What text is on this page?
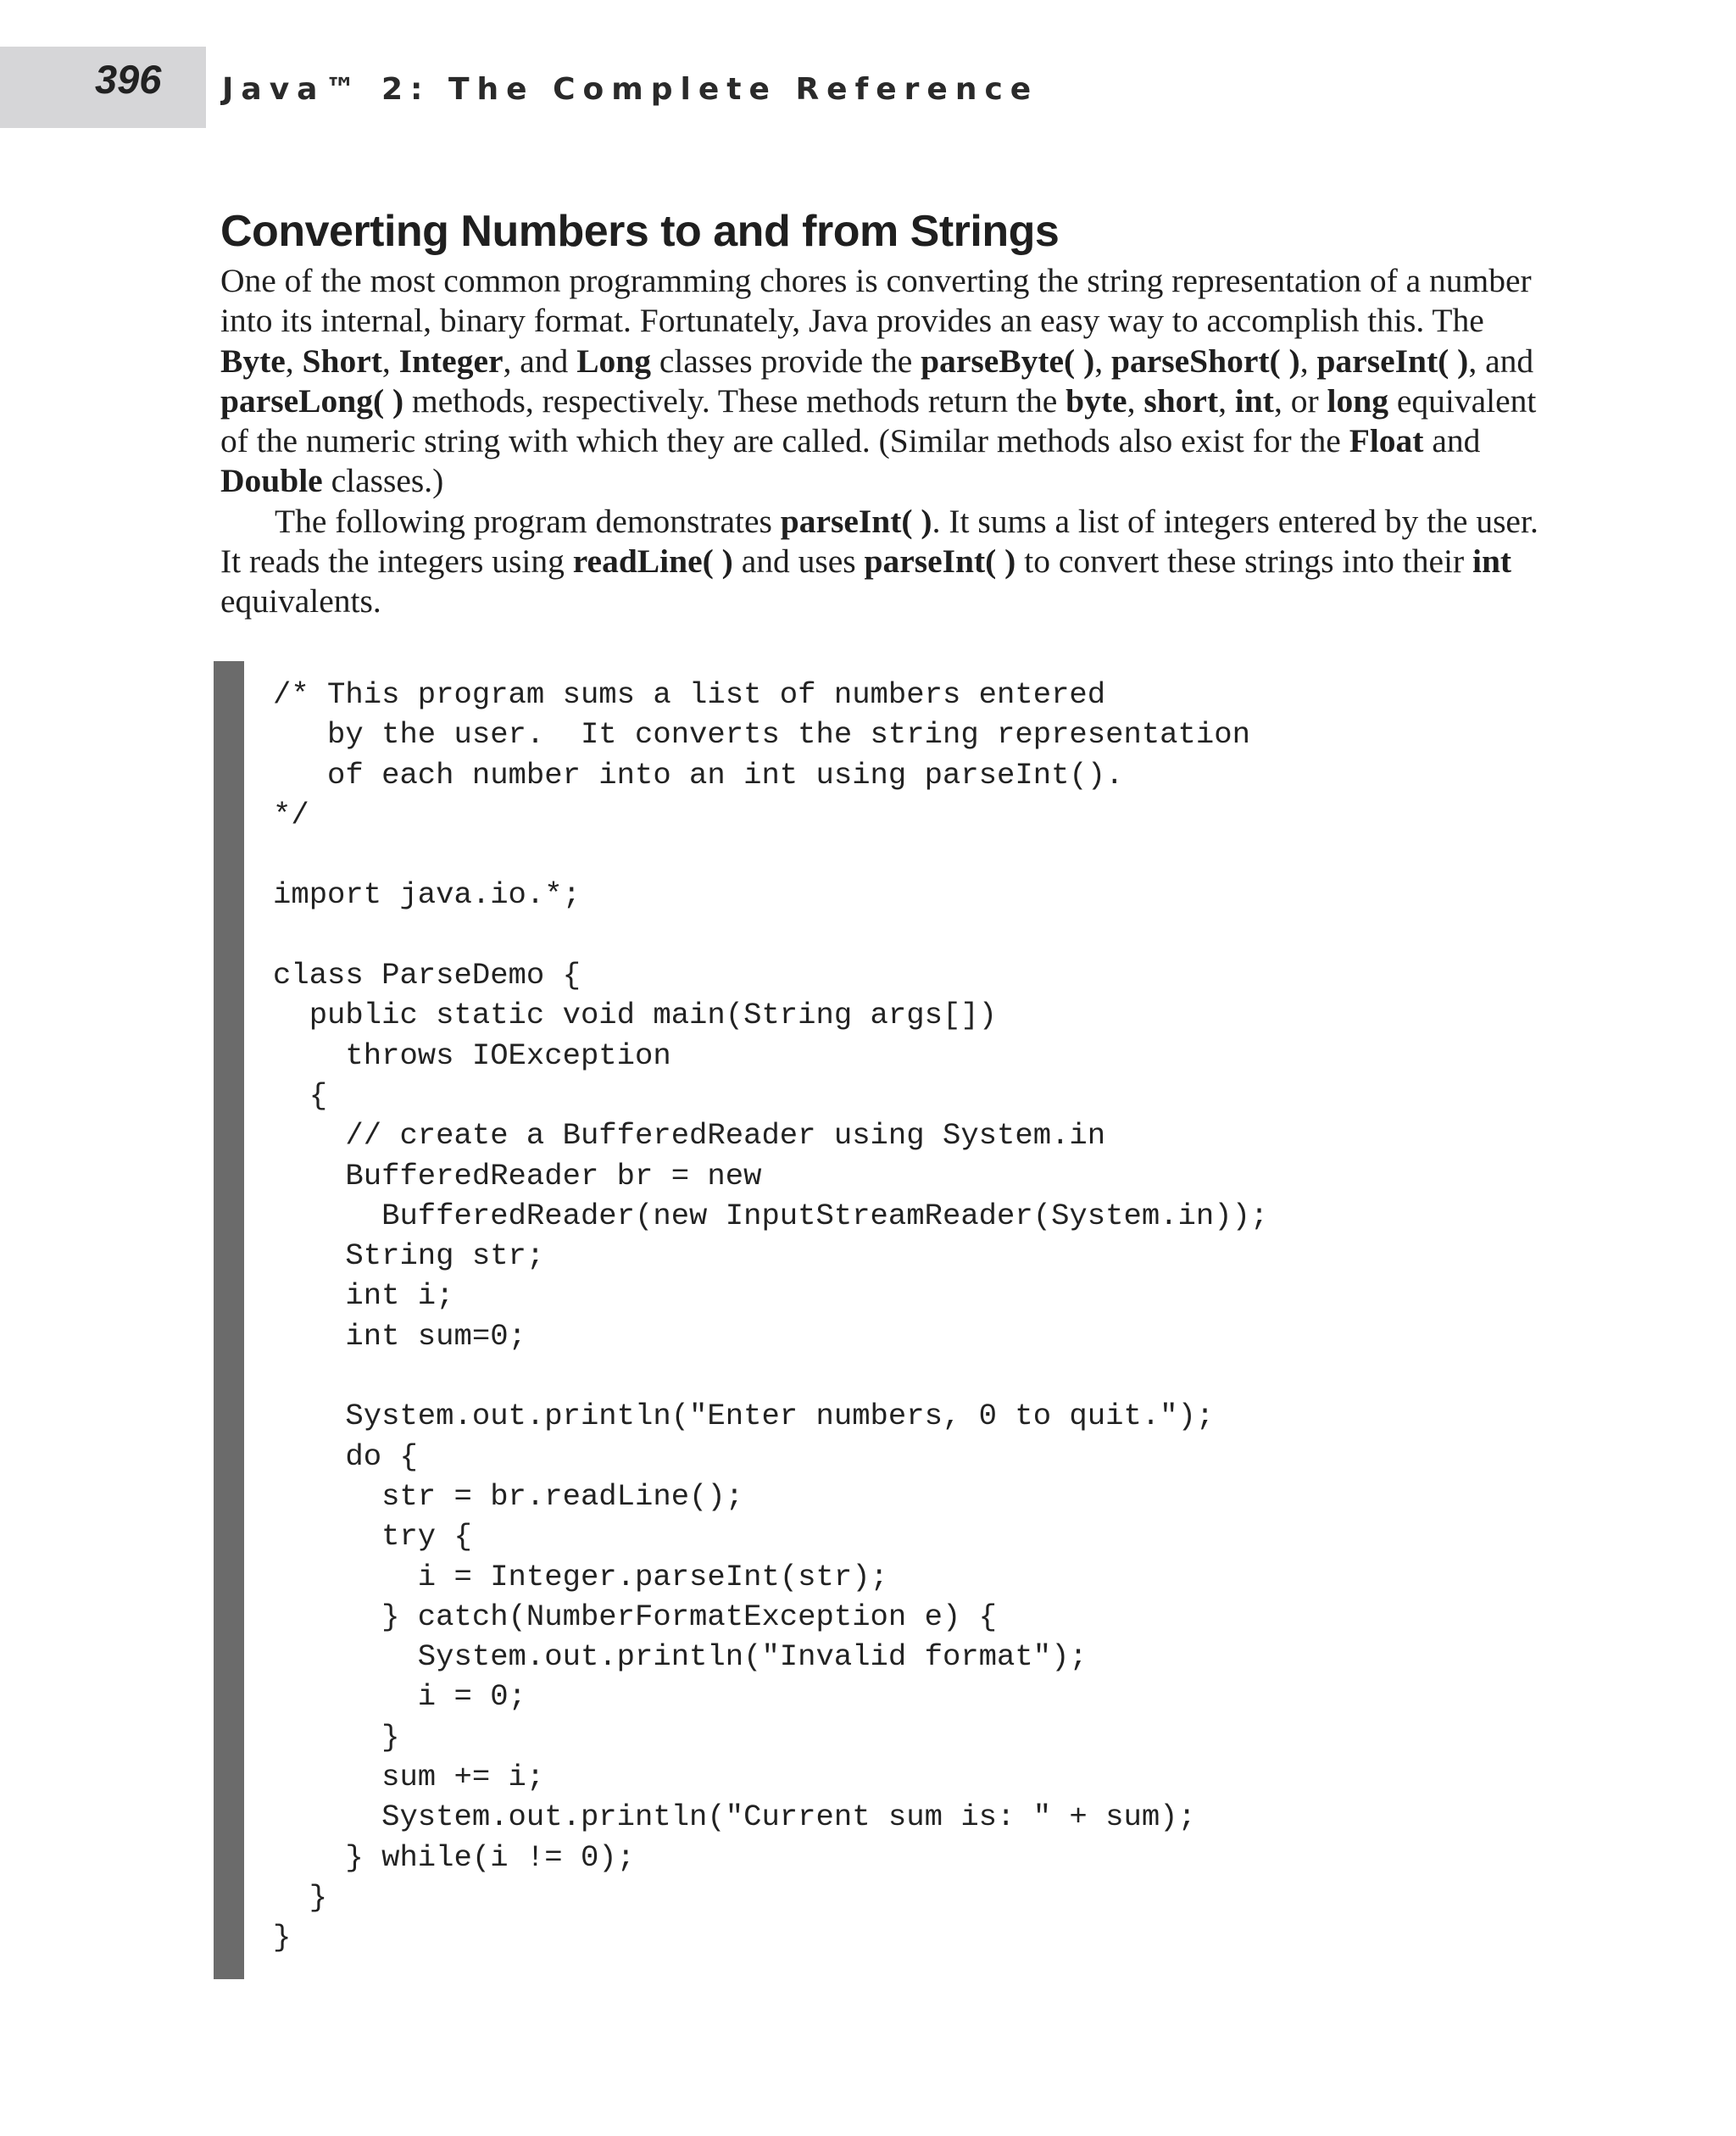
396 Java™ 2: The Complete Reference
Converting Numbers to and from Strings

One of the most common programming chores is converting the string representation of a number into its internal, binary format. Fortunately, Java provides an easy way to accomplish this. The Byte, Short, Integer, and Long classes provide the parseByte( ), parseShort( ), parseInt( ), and parseLong( ) methods, respectively. These methods return the byte, short, int, or long equivalent of the numeric string with which they are called. (Similar methods also exist for the Float and Double classes.)

The following program demonstrates parseInt( ). It sums a list of integers entered by the user. It reads the integers using readLine( ) and uses parseInt( ) to convert these strings into their int equivalents.

/* This program sums a list of numbers entered
by the user.  It converts the string representation
of each number into an int using parseInt().
*/
import java.io.*;
class ParseDemo {
public static void main(String args[])
throws IOException
{
// create a BufferedReader using System.in
BufferedReader br = new
BufferedReader(new InputStreamReader(System.in));
String str;
int i;
int sum=0;
System.out.println("Enter numbers, 0 to quit.");
do {
str = br.readLine();
try {
i = Integer.parseInt(str);
} catch(NumberFormatException e) {
System.out.println("Invalid format");
i = 0;
}
sum += i;
System.out.println("Current sum is: " + sum);
} while(i != 0);
}
}
